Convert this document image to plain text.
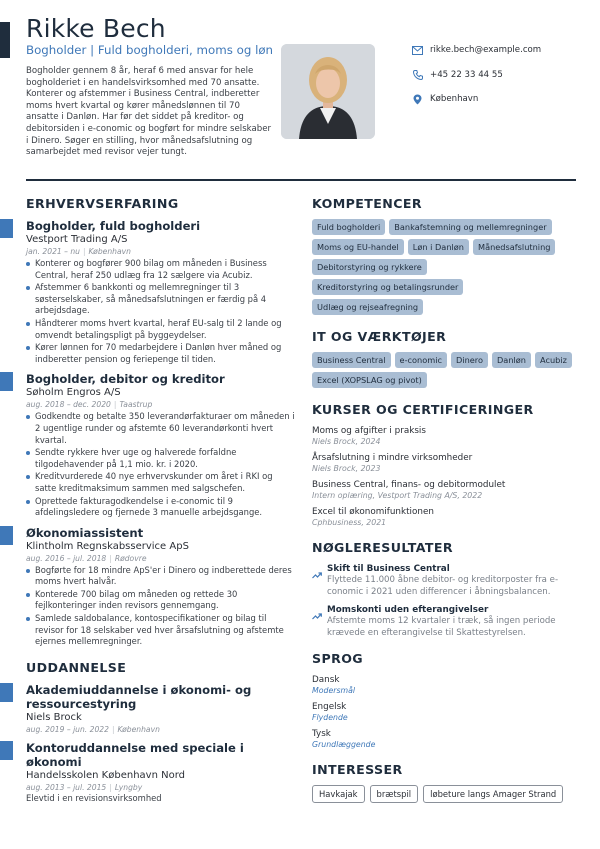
Rikke Bech
Bogholder | Fuld bogholderi, moms og løn

Bogholder gennem 8 år, heraf 6 med ansvar for hele bogholderiet i en handelsvirksomhed med 70 ansatte. Konterer og afstemmer i Business Central, indberetter moms hvert kvartal og kører månedslønnen til 70 ansatte i Danløn. Har før det siddet på kreditor- og debitorsiden i e-conomic og bogført for mindre selskaber i Dinero. Søger en stilling, hvor månedsafslutning og samarbejdet med revisor vejer tungt.

rikke.bech@example.com
+45 22 33 44 55
København
ERHVERVSERFARING
Bogholder, fuld bogholderi
Vestport Trading A/S
jan. 2021 – nu | København
Konterer og bogfører 900 bilag om måneden i Business Central, heraf 250 udlæg fra 12 sælgere via Acubiz.
Afstemmer 6 bankkonti og mellemregninger til 3 søsterselskaber, så månedsafslutningen er færdig på 4 arbejdsdage.
Håndterer moms hvert kvartal, heraf EU-salg til 2 lande og omvendt betalingspligt på byggeydelser.
Kører lønnen for 70 medarbejdere i Danløn hver måned og indberetter pension og feriepenge til tiden.
Bogholder, debitor og kreditor
Søholm Engros A/S
aug. 2018 – dec. 2020 | Taastrup
Godkendte og betalte 350 leverandørfakturaer om måneden i 2 ugentlige runder og afstemte 60 leverandørkonti hvert kvartal.
Sendte rykkere hver uge og halverede forfaldne tilgodehavender på 1,1 mio. kr. i 2020.
Kreditvurderede 40 nye erhvervskunder om året i RKI og satte kreditmaksimum sammen med salgschefen.
Oprettede fakturagodkendelse i e-conomic til 9 afdelingsledere og fjernede 3 manuelle arbejdsgange.
Økonomiassistent
Klintholm Regnskabsservice ApS
aug. 2016 – jul. 2018 | Rødovre
Bogførte for 18 mindre ApS'er i Dinero og indberettede deres moms hvert halvår.
Konterede 700 bilag om måneden og rettede 30 fejlkonteringer inden revisors gennemgang.
Samlede saldobalance, kontospecifikationer og bilag til revisor for 18 selskaber ved hver årsafslutning og afstemte ejernes mellemregninger.
UDDANNELSE
Akademiuddannelse i økonomi- og ressourcestyring
Niels Brock
aug. 2019 – jun. 2022 | København
Kontoruddannelse med speciale i økonomi
Handelsskolen København Nord
aug. 2013 – jul. 2015 | Lyngby
Elevtid i en revisionsvirksomhed
KOMPETENCER
Fuld bogholderi	Bankafstemning og mellemregninger
Moms og EU-handel	Løn i Danløn	Månedsafslutning
Debitorstyring og rykkere
Kreditorstyring og betalingsrunder
Udlæg og rejseafregning
IT OG VÆRKTØJER
Business Central	e-conomic	Dinero	Danløn	Acubiz
Excel (XOPSLAG og pivot)
KURSER OG CERTIFICERINGER
Moms og afgifter i praksis
Niels Brock, 2024
Årsafslutning i mindre virksomheder
Niels Brock, 2023
Business Central, finans- og debitormodulet
Intern oplæring, Vestport Trading A/S, 2022
Excel til økonomifunktionen
Cphbusiness, 2021
NØGLERESULTATER
Skift til Business Central
Flyttede 11.000 åbne debitor- og kreditorposter fra e-conomic i 2021 uden differencer i åbningsbalancen.
Momskonti uden efterangivelser
Afstemte moms 12 kvartaler i træk, så ingen periode krævede en efterangivelse til Skattestyrelsen.
SPROG
Dansk
Modersmål
Engelsk
Flydende
Tysk
Grundlæggende
INTERESSER
Havkajak	brætspil	løbeture langs Amager Strand
